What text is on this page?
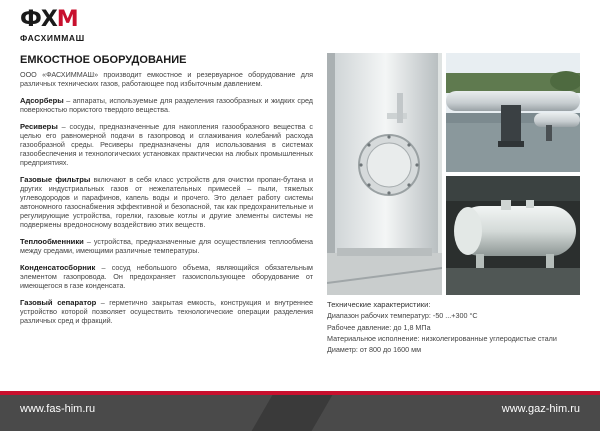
ФХМ
ФАСХИММАШ
ЕМКОСТНОЕ ОБОРУДОВАНИЕ

ООО «ФАСХИММАШ» производит емкостное и резервуарное оборудование для различных технических газов, работающее под избыточным давлением.

Адсорберы – аппараты, используемые для разделения газообразных и жидких сред поверхностью пористого твердого вещества.

Ресиверы – сосуды, предназначенные для накопления газообразного вещества с целью его равномерной подачи в газопровод и сглаживания колебаний расхода газообразной среды. Ресиверы предназначены для использования в системах газообеспечения и технологических установках практически на любых промышленных предприятиях.

Газовые фильтры включают в себя класс устройств для очистки пропан-бутана и других индустриальных газов от нежелательных примесей – пыли, тяжелых углеводородов и парафинов, капель воды и прочего. Это делает работу системы автономного газоснабжения эффективной и безопасной, так как предохранительные и регулирующие устройства, горелки, газовые котлы и другие элементы системы не подвержены вредоносному воздействию этих веществ.

Теплообменники – устройства, предназначенные для осуществления теплообмена между средами, имеющими различные температуры.

Конденсатосборник – сосуд небольшого объема, являющийся обязательным элементом газопровода. Он предохраняет газоиспользующее оборудование от имеющегося в газе конденсата.

Газовый сепаратор – герметично закрытая емкость, конструкция и внутреннее устройство которой позволяет осуществить технологические операции разделения различных сред и фракций.

Технические характеристики:
Диапазон рабочих температур: -50 ...+300 °С
Рабочее давление: до 1,8 МПа
Материальное исполнение: низколегированные углеродистые стали
Диаметр: от 800 до 1600 мм
www.fas-him.ru	www.gaz-him.ru
